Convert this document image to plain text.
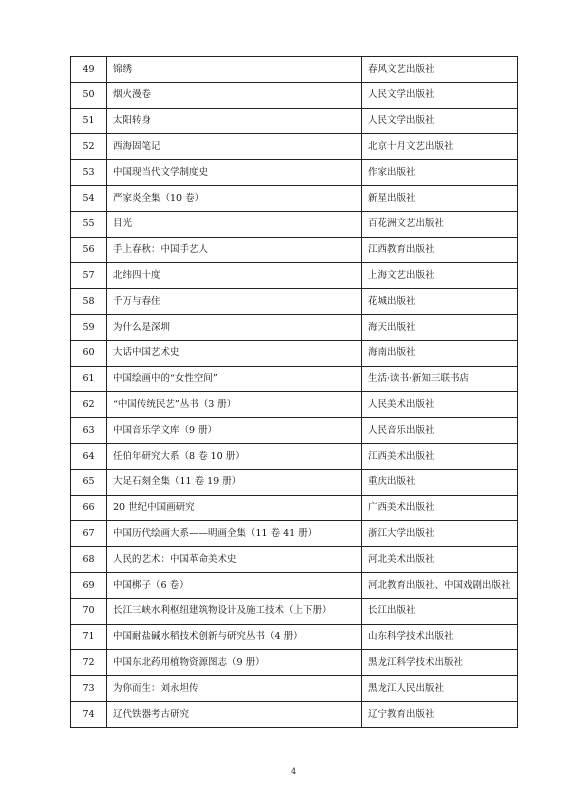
49	锦绣	春风文艺出版社
50	烟火漫卷	人民文学出版社
51	太阳转身	人民文学出版社
52	西海固笔记	北京十月文艺出版社
53	中国现当代文学制度史	作家出版社
54	严家炎全集（10 卷）	新星出版社
55	目光	百花洲文艺出版社
56	手上春秋：中国手艺人	江西教育出版社
57	北纬四十度	上海文艺出版社
58	千万与春住	花城出版社
59	为什么是深圳	海天出版社
60	大话中国艺术史	海南出版社
61	中国绘画中的“女性空间”	生活·读书·新知三联书店
62	“中国传统民艺”丛书（3 册）	人民美术出版社
63	中国音乐学文库（9 册）	人民音乐出版社
64	任伯年研究大系（8 卷 10 册）	江西美术出版社
65	大足石刻全集（11 卷 19 册）	重庆出版社
66	20 世纪中国画研究	广西美术出版社
67	中国历代绘画大系——明画全集（11 卷 41 册）	浙江大学出版社
68	人民的艺术：中国革命美术史	河北美术出版社
69	中国梆子（6 卷）	河北教育出版社、中国戏剧出版社
70	长江三峡水利枢纽建筑物设计及施工技术（上下册）	长江出版社
71	中国耐盐碱水稻技术创新与研究丛书（4 册）	山东科学技术出版社
72	中国东北药用植物资源图志（9 册）	黑龙江科学技术出版社
73	为你而生：刘永坦传	黑龙江人民出版社
74	辽代铁器考古研究	辽宁教育出版社
4
